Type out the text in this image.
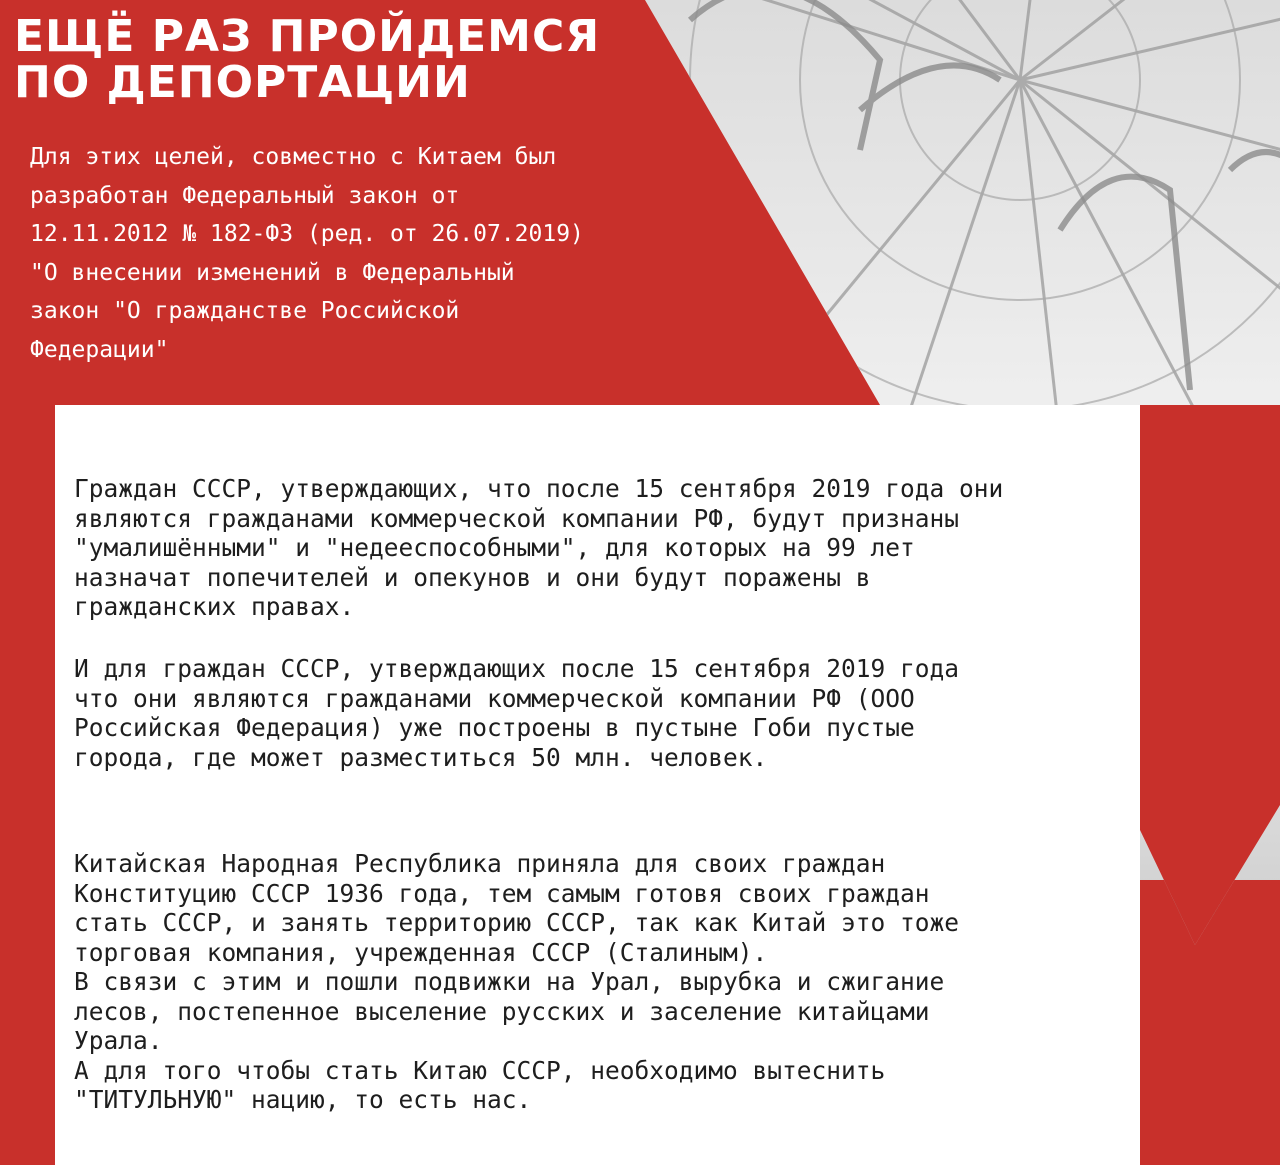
ЕЩЁ РАЗ ПРОЙДЕМСЯ
ПО ДЕПОРТАЦИИ
Для этих целей, совместно с Китаем был
разработан Федеральный закон от
12.11.2012 № 182-ФЗ (ред. от 26.07.2019)
"О внесении изменений в Федеральный
закон "О гражданстве Российской
Федерации"

Граждан СССР, утверждающих, что после 15 сентября 2019 года они
являются гражданами коммерческой компании РФ, будут признаны
"умалишёнными" и "недееспособными", для которых на 99 лет
назначат попечителей и опекунов и они будут поражены в
гражданских правах.

И для граждан СССР, утверждающих после 15 сентября 2019 года
что они являются гражданами коммерческой компании РФ (ООО
Российская Федерация) уже построены в пустыне Гоби пустые
города, где может разместиться 50 млн. человек.

Китайская Народная Республика приняла для своих граждан
Конституцию СССР 1936 года, тем самым готовя своих граждан
стать СССР, и занять территорию СССР, так как Китай это тоже
торговая компания, учрежденная СССР (Сталиным).
В связи с этим и пошли подвижки на Урал, вырубка и сжигание
лесов, постепенное выселение русских и заселение китайцами
Урала.
А для того чтобы стать Китаю СССР, необходимо вытеснить
"ТИТУЛЬНУЮ" нацию, то есть нас.
